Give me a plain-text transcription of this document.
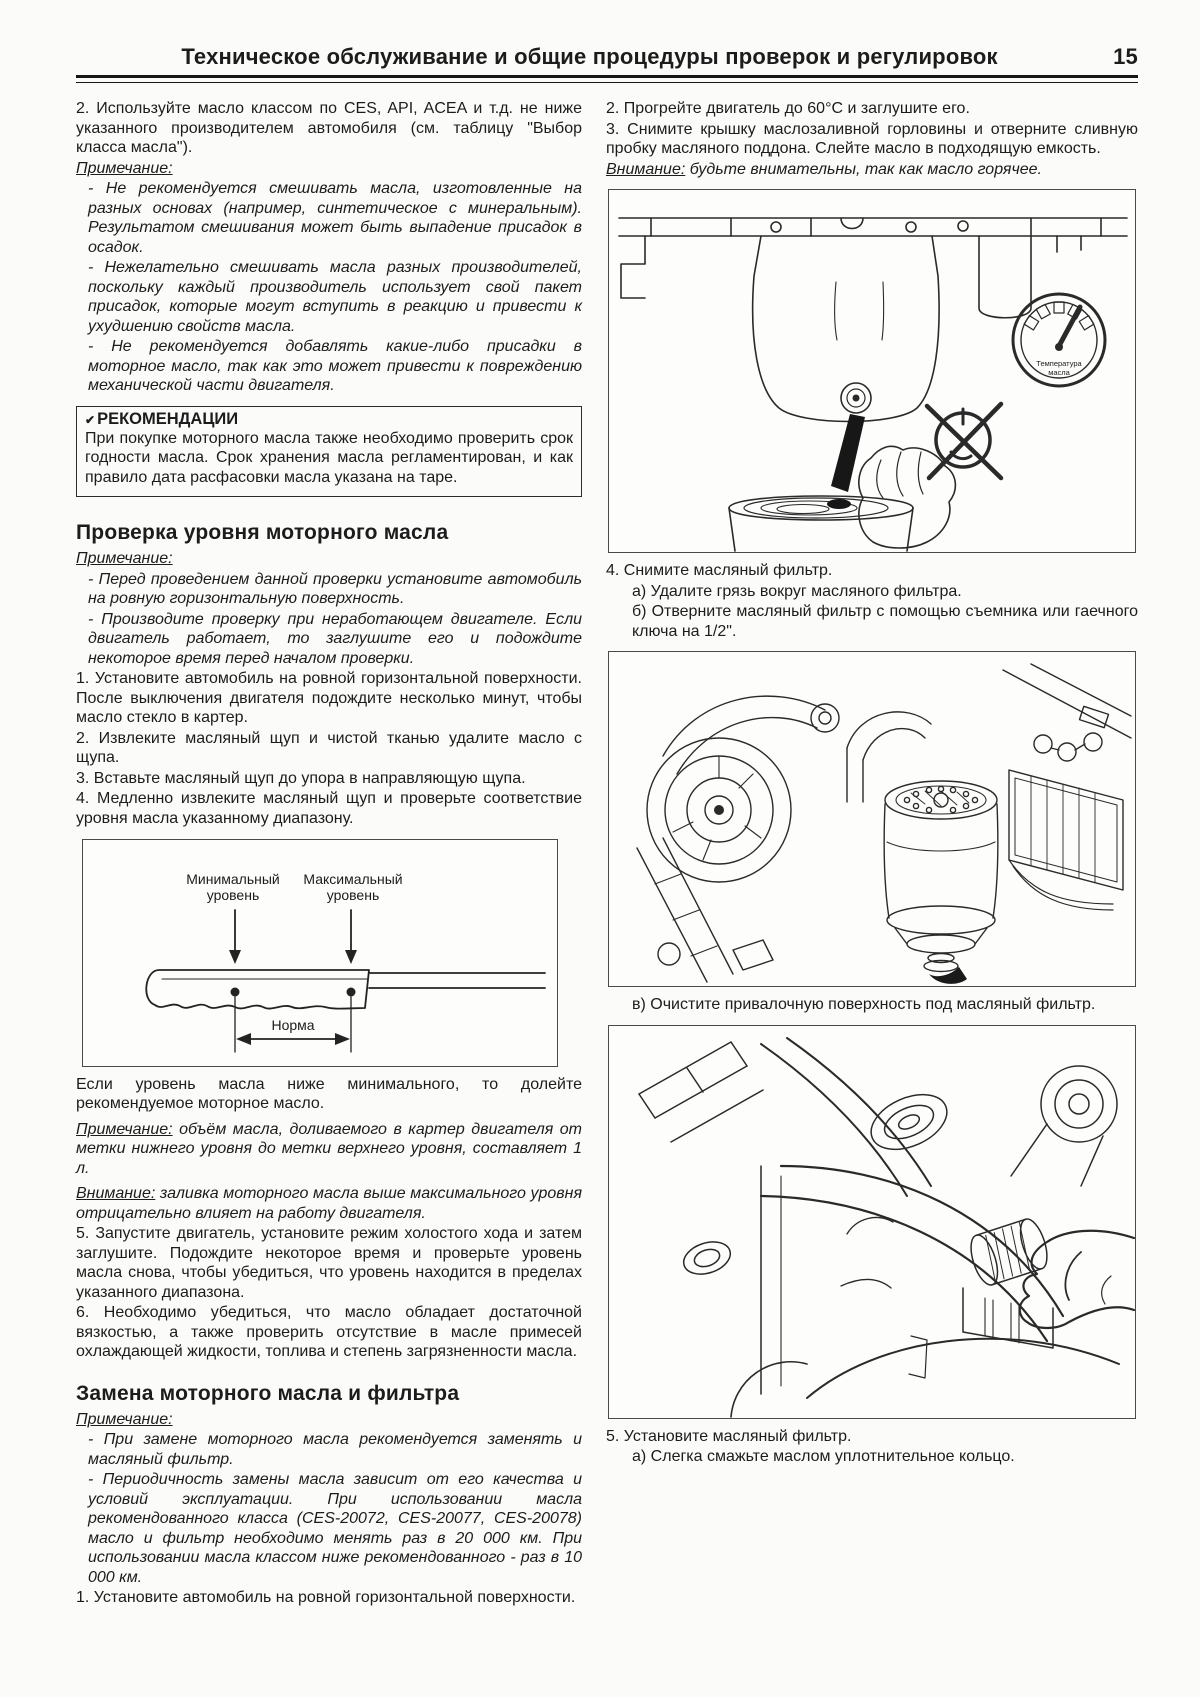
Техническое обслуживание и общие процедуры проверок и регулировок	15

2. Используйте масло классом по CES, API, ACEA и т.д. не ниже указанного производителем автомобиля (см. таблицу "Выбор класса масла").

Примечание:

- Не рекомендуется смешивать масла, изготовленные на разных основах (например, синтетическое с минеральным). Результатом смешивания может быть выпадение присадок в осадок.

- Нежелательно смешивать масла разных производителей, поскольку каждый производитель использует свой пакет присадок, которые могут вступить в реакцию и привести к ухудшению свойств масла.

- Не рекомендуется добавлять какие-либо присадки в моторное масло, так как это может привести к повреждению механической части двигателя.

✔ РЕКОМЕНДАЦИИ

При покупке моторного масла также необходимо проверить срок годности масла. Срок хранения масла регламентирован, и как правило дата расфасовки масла указана на таре.

Проверка уровня моторного масла

Примечание:

- Перед проведением данной проверки установите автомобиль на ровную горизонтальную поверхность.

- Производите проверку при неработающем двигателе. Если двигатель работает, то заглушите его и подождите некоторое время перед началом проверки.

1. Установите автомобиль на ровной горизонтальной поверхности. После выключения двигателя подождите несколько минут, чтобы масло стекло в картер.

2. Извлеките масляный щуп и чистой тканью удалите масло с щупа.

3. Вставьте масляный щуп до упора в направляющую щупа.

4. Медленно извлеките масляный щуп и проверьте соответствие уровня масла указанному диапазону.

Минимальный
уровень
Максимальный
уровень
Норма

Если уровень масла ниже минимального, то долейте рекомендуемое моторное масло.

Примечание: объём масла, доливаемого в картер двигателя от метки нижнего уровня до метки верхнего уровня, составляет 1 л.

Внимание: заливка моторного масла выше максимального уровня отрицательно влияет на работу двигателя.

5. Запустите двигатель, установите режим холостого хода и затем заглушите. Подождите некоторое время и проверьте уровень масла снова, чтобы убедиться, что уровень находится в пределах указанного диапазона.

6. Необходимо убедиться, что масло обладает достаточной вязкостью, а также проверить отсутствие в масле примесей охлаждающей жидкости, топлива и степень загрязненности масла.

Замена моторного масла и фильтра

Примечание:

- При замене моторного масла рекомендуется заменять и масляный фильтр.

- Периодичность замены масла зависит от его качества и условий эксплуатации. При использовании масла рекомендованного класса (CES-20072, CES-20077, CES-20078) масло и фильтр необходимо менять раз в 20 000 км. При использовании масла классом ниже рекомендованного - раз в 10 000 км.

1. Установите автомобиль на ровной горизонтальной поверхности.

2. Прогрейте двигатель до 60°C и заглушите его.

3. Снимите крышку маслозаливной горловины и отверните сливную пробку масляного поддона. Слейте масло в подходящую емкость.

Внимание: будьте внимательны, так как масло горячее.

Температура
масла

4. Снимите масляный фильтр.

а) Удалите грязь вокруг масляного фильтра.

б) Отверните масляный фильтр с помощью съемника или гаечного ключа на 1/2".

в) Очистите привалочную поверхность под масляный фильтр.

5. Установите масляный фильтр.

а) Слегка смажьте маслом уплотнительное кольцо.
